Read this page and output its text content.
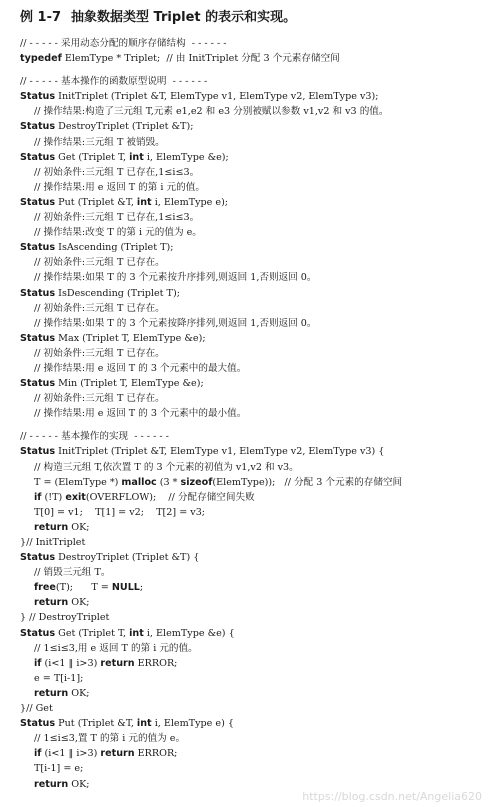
例 1-7 抽象数据类型 Triplet 的表示和实现。
// - - - - - 采用动态分配的顺序存储结构  - - - - - -
typedef ElemType * Triplet;  // 由 InitTriplet 分配 3 个元素存储空间
// - - - - - 基本操作的函数原型说明  - - - - - -
Status InitTriplet (Triplet &T, ElemType v1, ElemType v2, ElemType v3);
// 操作结果:构造了三元组 T,元素 e1,e2 和 e3 分别被赋以参数 v1,v2 和 v3 的值。
Status DestroyTriplet (Triplet &T);
// 操作结果:三元组 T 被销毁。
Status Get (Triplet T, int i, ElemType &e);
// 初始条件:三元组 T 已存在,1≤i≤3。
// 操作结果:用 e 返回 T 的第 i 元的值。
Status Put (Triplet &T, int i, ElemType e);
// 初始条件:三元组 T 已存在,1≤i≤3。
// 操作结果:改变 T 的第 i 元的值为 e。
Status IsAscending (Triplet T);
// 初始条件:三元组 T 已存在。
// 操作结果:如果 T 的 3 个元素按升序排列,则返回 1,否则返回 0。
Status IsDescending (Triplet T);
// 初始条件:三元组 T 已存在。
// 操作结果:如果 T 的 3 个元素按降序排列,则返回 1,否则返回 0。
Status Max (Triplet T, ElemType &e);
// 初始条件:三元组 T 已存在。
// 操作结果:用 e 返回 T 的 3 个元素中的最大值。
Status Min (Triplet T, ElemType &e);
// 初始条件:三元组 T 已存在。
// 操作结果:用 e 返回 T 的 3 个元素中的最小值。
// - - - - - 基本操作的实现  - - - - - -
Status InitTriplet (Triplet &T, ElemType v1, ElemType v2, ElemType v3) {
// 构造三元组 T,依次置 T 的 3 个元素的初值为 v1,v2 和 v3。
T = (ElemType *) malloc (3 * sizeof(ElemType));   // 分配 3 个元素的存储空间
if (!T) exit(OVERFLOW);    // 分配存储空间失败
T[0] = v1;    T[1] = v2;    T[2] = v3;
return OK;
}// InitTriplet
Status DestroyTriplet (Triplet &T) {
// 销毁三元组 T。
free(T);      T = NULL;
return OK;
} // DestroyTriplet
Status Get (Triplet T, int i, ElemType &e) {
// 1≤i≤3,用 e 返回 T 的第 i 元的值。
if (i<1 ‖ i>3) return ERROR;
e = T[i-1];
return OK;
}// Get
Status Put (Triplet &T, int i, ElemType e) {
// 1≤i≤3,置 T 的第 i 元的值为 e。
if (i<1 ‖ i>3) return ERROR;
T[i-1] = e;
return OK;
https://blog.csdn.net/Angelia620
